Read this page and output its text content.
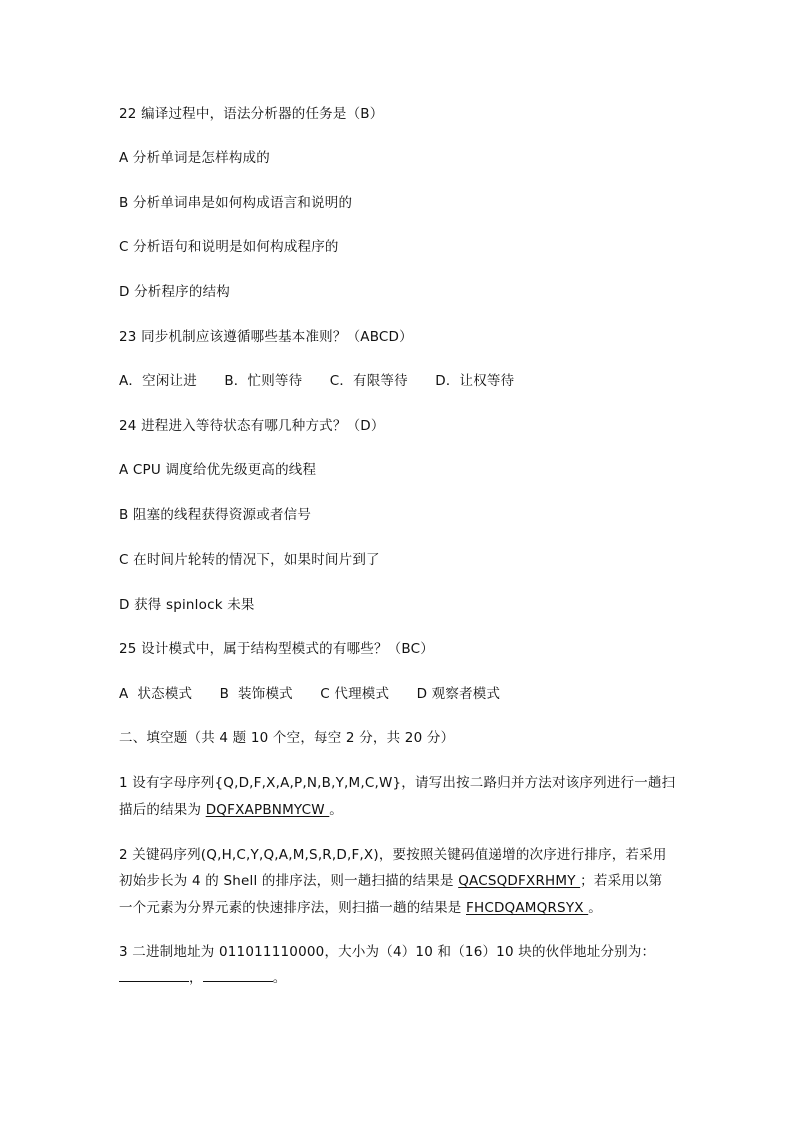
22 编译过程中，语法分析器的任务是（B）
A 分析单词是怎样构成的
B 分析单词串是如何构成语言和说明的
C 分析语句和说明是如何构成程序的
D 分析程序的结构
23 同步机制应该遵循哪些基本准则？（ABCD）
A．空闲让进　　B．忙则等待　　C．有限等待　　D．让权等待
24 进程进入等待状态有哪几种方式？（D）
A CPU 调度给优先级更高的线程
B 阻塞的线程获得资源或者信号
C 在时间片轮转的情况下，如果时间片到了
D 获得 spinlock 未果
25 设计模式中，属于结构型模式的有哪些？（BC）
A  状态模式　　B  装饰模式　　C 代理模式　　D 观察者模式
二、填空题（共 4 题 10 个空，每空 2 分，共 20 分）
1 设有字母序列{Q,D,F,X,A,P,N,B,Y,M,C,W}，请写出按二路归并方法对该序列进行一趟扫
描后的结果为 DQFXAPBNMYCW 。
2 关键码序列(Q,H,C,Y,Q,A,M,S,R,D,F,X)，要按照关键码值递增的次序进行排序，若采用
初始步长为 4 的 Shell 的排序法，则一趟扫描的结果是 QACSQDFXRHMY ；若采用以第
一个元素为分界元素的快速排序法，则扫描一趟的结果是 FHCDQAMQRSYX 。
3 二进制地址为 011011110000，大小为（4）10 和（16）10 块的伙伴地址分别为：
，	。
